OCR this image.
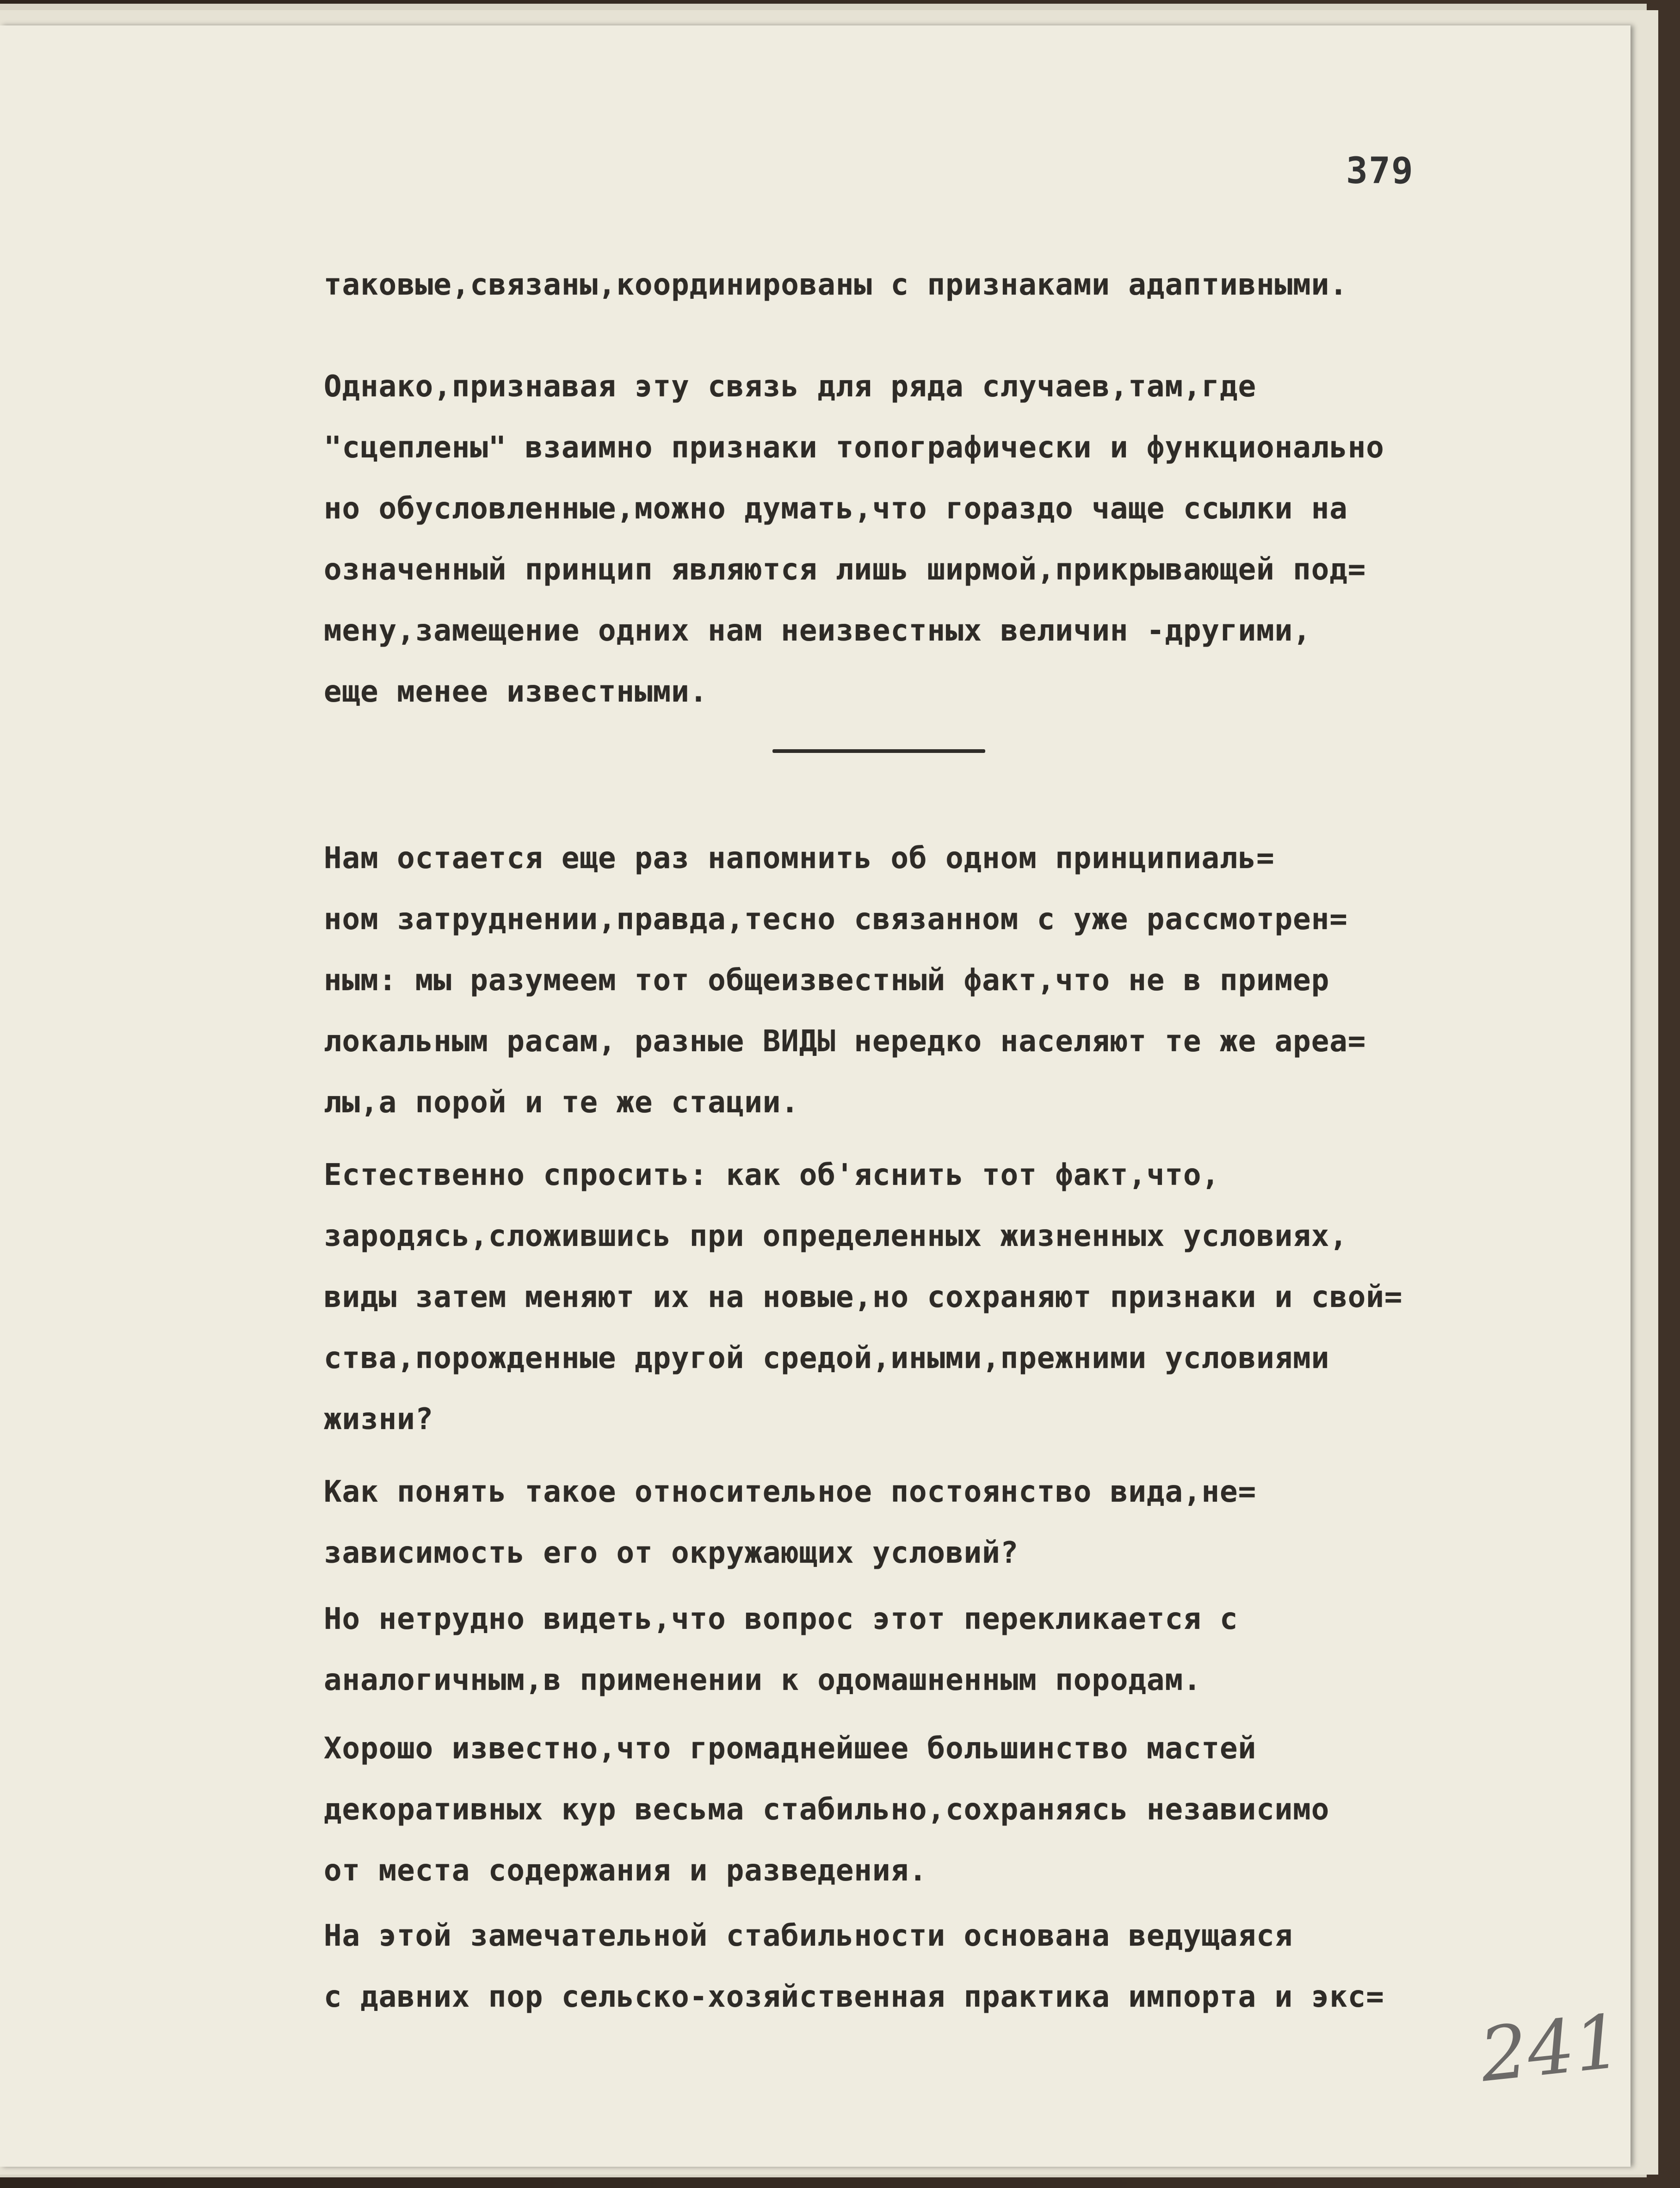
379

таковые,связаны,координированы с признаками адаптивными.

Однако,признавая эту связь для ряда случаев,там,где
"сцеплены" взаимно признаки топографически и функционально
но обусловленные,можно думать,что гораздо чаще ссылки на
означенный принцип являются лишь ширмой,прикрывающей под=
мену,замещение одних нам неизвестных величин -другими,
еще менее известными.

Нам остается еще раз напомнить об одном принципиаль=
ном затруднении,правда,тесно связанном с уже рассмотрен=
ным: мы разумеем тот общеизвестный факт,что не в пример
локальным расам, разные ВИДЫ нередко населяют те же ареа=
лы,а порой и те же стации.

Естественно спросить: как об'яснить тот факт,что,
зародясь,сложившись при определенных жизненных условиях,
виды затем меняют их на новые,но сохраняют признаки и свой=
ства,порожденные другой средой,иными,прежними условиями
жизни?

Как понять такое относительное постоянство вида,не=
зависимость его от окружающих условий?

Но нетрудно видеть,что вопрос этот перекликается с
аналогичным,в применении к одомашненным породам.

Хорошо известно,что громаднейшее большинство мастей
декоративных кур весьма стабильно,сохраняясь независимо
от места содержания и разведения.

На этой замечательной стабильности основана ведущаяся
с давних пор сельско-хозяйственная практика импорта и экс=

241
